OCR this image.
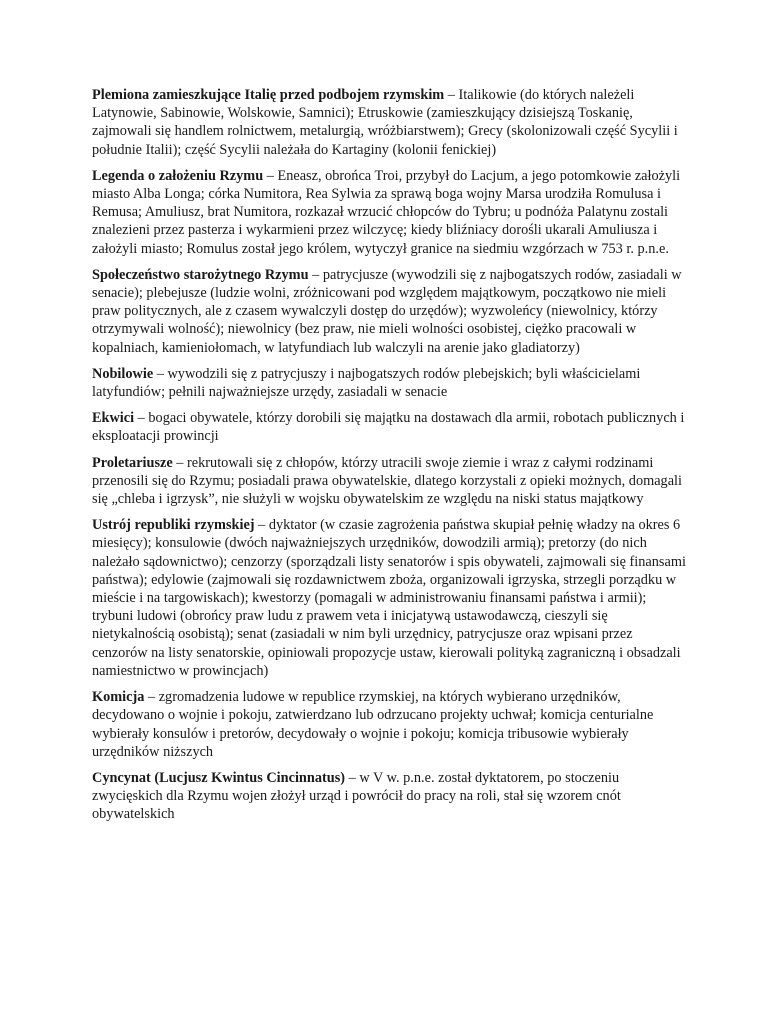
Plemiona zamieszkujące Italię przed podbojem rzymskim – Italikowie (do których należeli Latynowie, Sabinowie, Wolskowie, Samnici); Etruskowie (zamieszkujący dzisiejszą Toskanię, zajmowali się handlem rolnictwem, metalurgią, wróżbiarstwem); Grecy (skolonizowali część Sycylii i południe Italii); część Sycylii należała do Kartaginy (kolonii fenickiej)

Legenda o założeniu Rzymu – Eneasz, obrońca Troi, przybył do Lacjum, a jego potomkowie założyli miasto Alba Longa; córka Numitora, Rea Sylwia za sprawą boga wojny Marsa urodziła Romulusa i Remusa; Amuliusz, brat Numitora, rozkazał wrzucić chłopców do Tybru; u podnóża Palatynu zostali znalezieni przez pasterza i wykarmieni przez wilczycę; kiedy bliźniacy dorośli ukarali Amuliusza i założyli miasto; Romulus został jego królem, wytyczył granice na siedmiu wzgórzach w 753 r. p.n.e.

Społeczeństwo starożytnego Rzymu – patrycjusze (wywodzili się z najbogatszych rodów, zasiadali w senacie); plebejusze (ludzie wolni, zróżnicowani pod względem majątkowym, początkowo nie mieli praw politycznych, ale z czasem wywalczyli dostęp do urzędów); wyzwoleńcy (niewolnicy, którzy otrzymywali wolność); niewolnicy (bez praw, nie mieli wolności osobistej, ciężko pracowali w kopalniach, kamieniołomach, w latyfundiach lub walczyli na arenie jako gladiatorzy)

Nobilowie – wywodzili się z patrycjuszy i najbogatszych rodów plebejskich; byli właścicielami latyfundiów; pełnili najważniejsze urzędy, zasiadali w senacie

Ekwici – bogaci obywatele, którzy dorobili się majątku na dostawach dla armii, robotach publicznych i eksploatacji prowincji

Proletariusze – rekrutowali się z chłopów, którzy utracili swoje ziemie i wraz z całymi rodzinami przenosili się do Rzymu; posiadali prawa obywatelskie, dlatego korzystali z opieki możnych, domagali się „chleba i igrzysk”, nie służyli w wojsku obywatelskim ze względu na niski status majątkowy

Ustrój republiki rzymskiej – dyktator (w czasie zagrożenia państwa skupiał pełnię władzy na okres 6 miesięcy); konsulowie (dwóch najważniejszych urzędników, dowodzili armią); pretorzy (do nich należało sądownictwo); cenzorzy (sporządzali listy senatorów i spis obywateli, zajmowali się finansami państwa); edylowie (zajmowali się rozdawnictwem zboża, organizowali igrzyska, strzegli porządku w mieście i na targowiskach); kwestorzy (pomagali w administrowaniu finansami państwa i armii); trybuni ludowi (obrońcy praw ludu z prawem veta i inicjatywą ustawodawczą, cieszyli się nietykalnością osobistą); senat (zasiadali w nim byli urzędnicy, patrycjusze oraz wpisani przez cenzorów na listy senatorskie, opiniowali propozycje ustaw, kierowali polityką zagraniczną i obsadzali namiestnictwo w prowincjach)

Komicja – zgromadzenia ludowe w republice rzymskiej, na których wybierano urzędników, decydowano o wojnie i pokoju, zatwierdzano lub odrzucano projekty uchwał; komicja centurialne wybierały konsulów i pretorów, decydowały o wojnie i pokoju; komicja tribusowie wybierały urzędników niższych

Cyncynat (Lucjusz Kwintus Cincinnatus) – w V w. p.n.e. został dyktatorem, po stoczeniu zwycięskich dla Rzymu wojen złożył urząd i powrócił do pracy na roli, stał się wzorem cnót obywatelskich
